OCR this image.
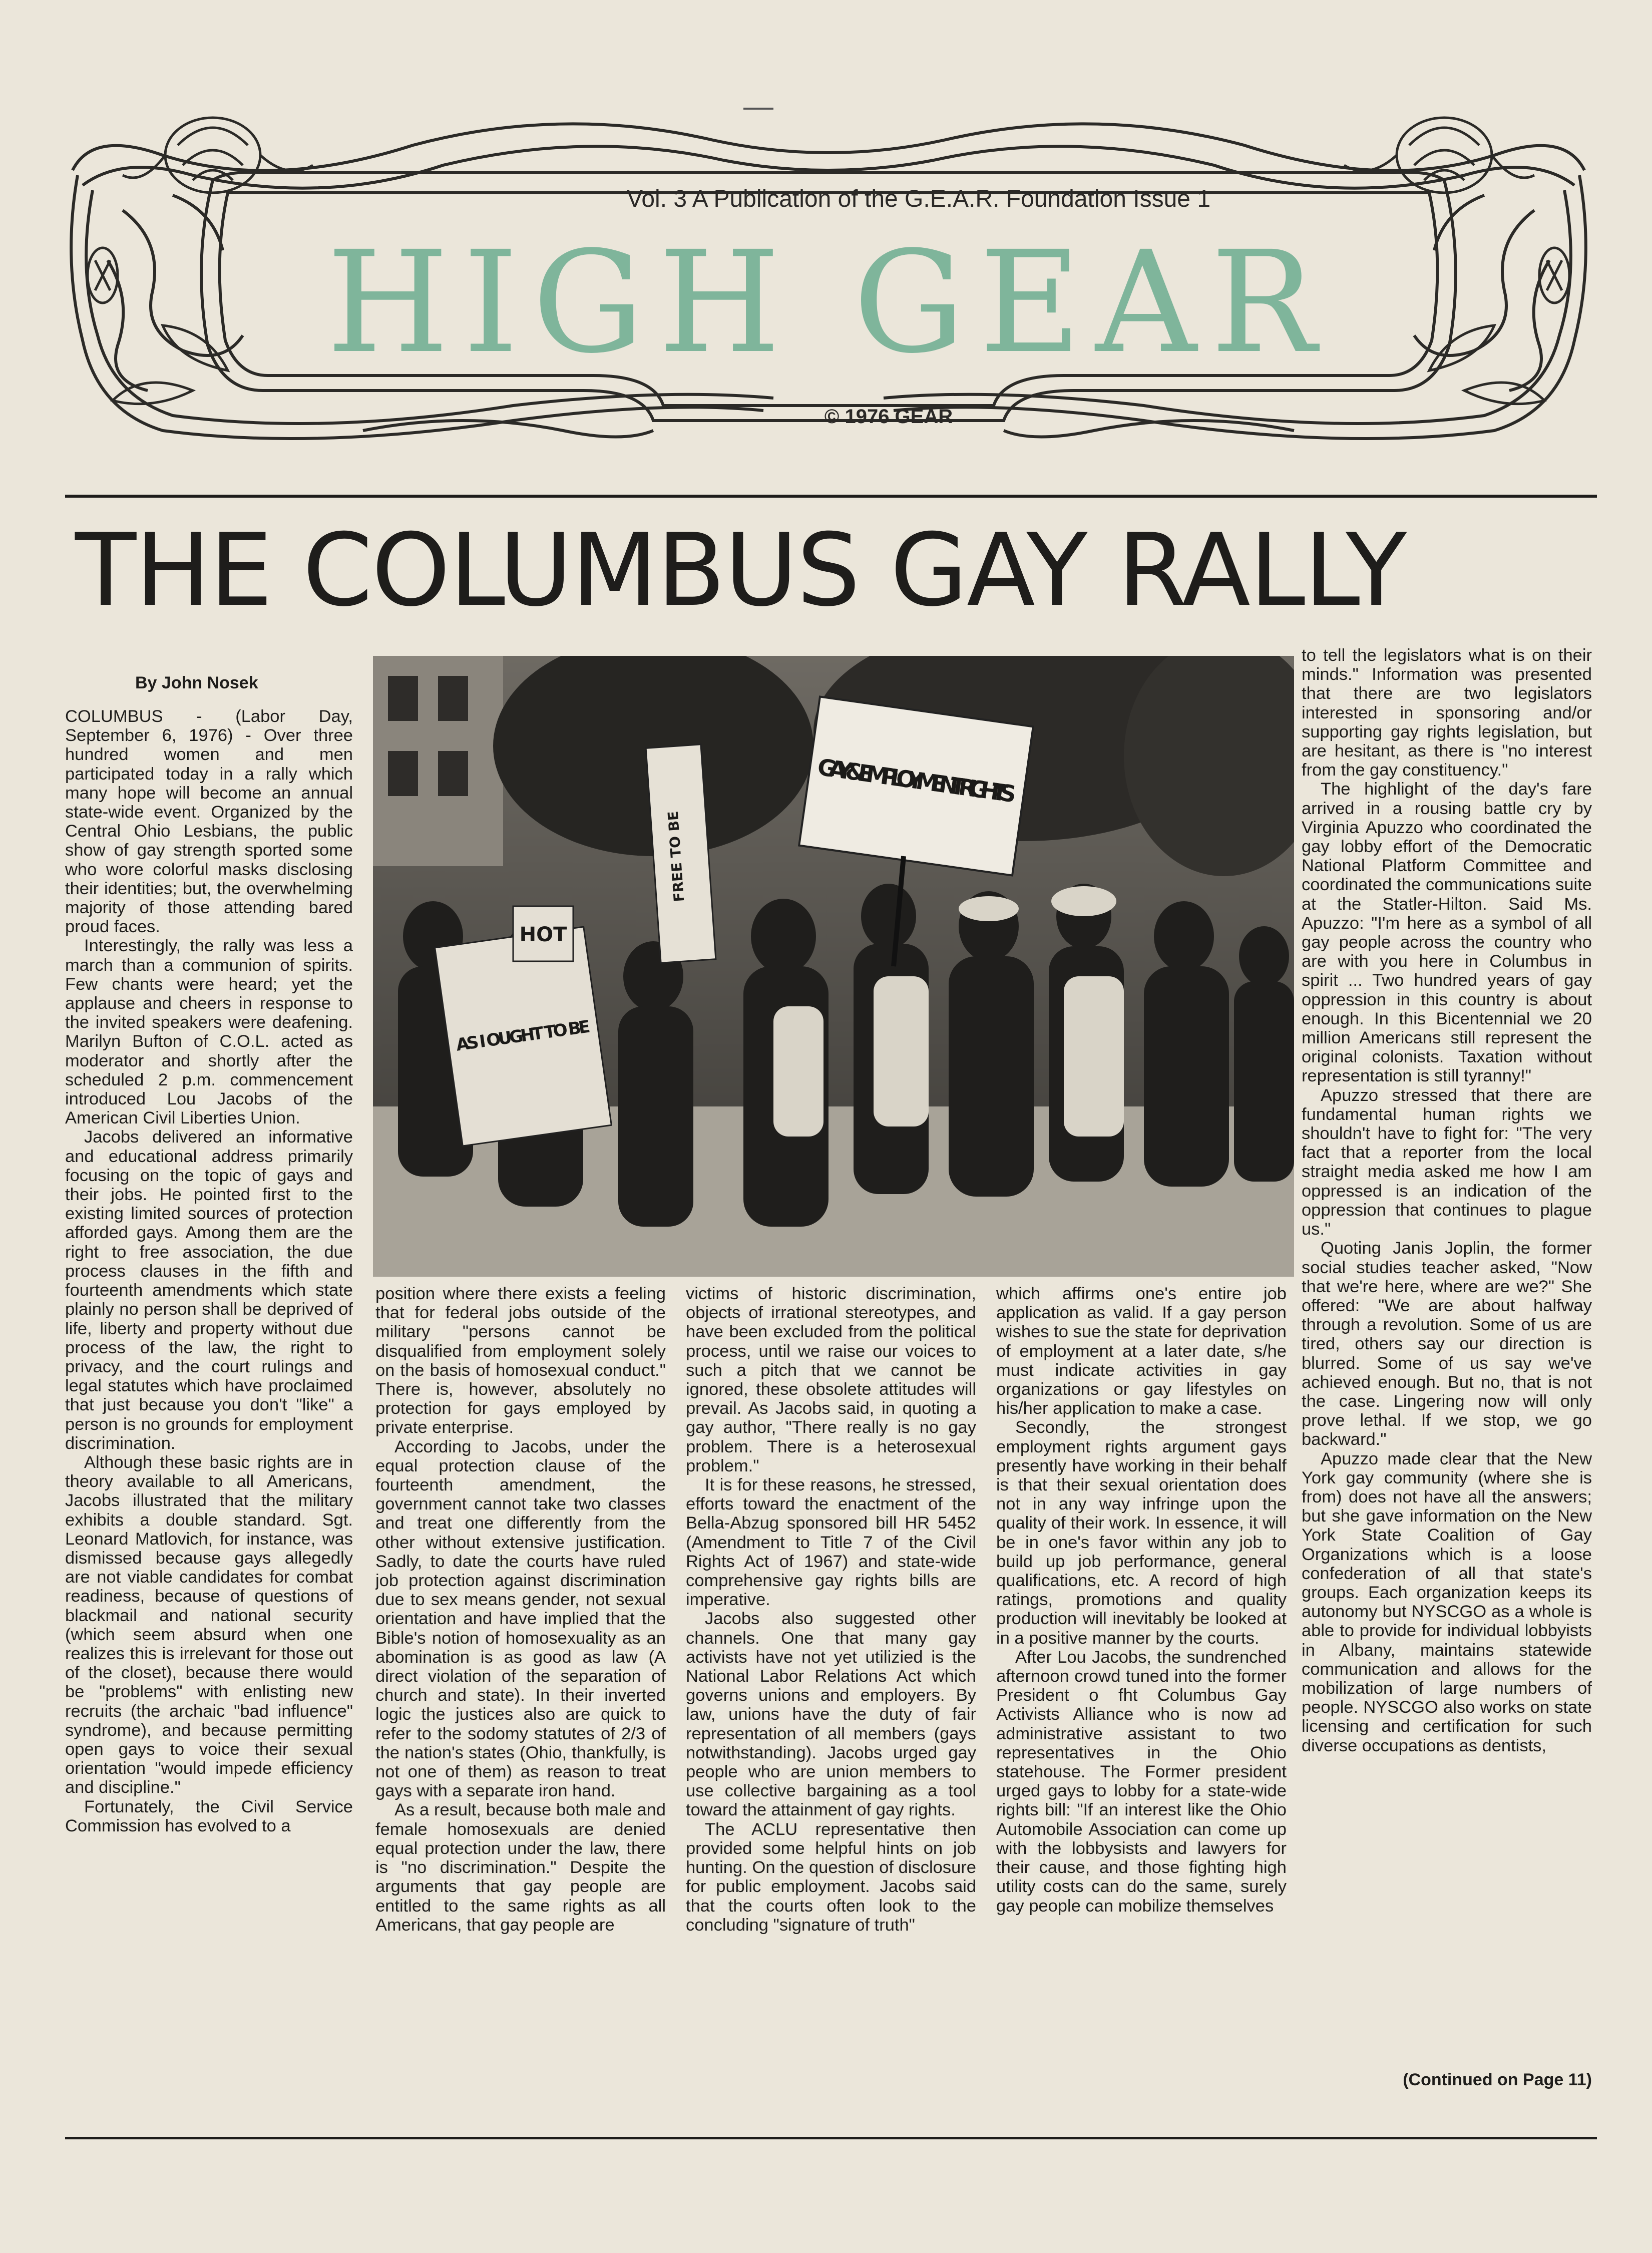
Vol. 3 A Publication of the G.E.A.R. Foundation Issue 1
HIGH GEAR
© 1976 GEAR
THE COLUMBUS GAY RALLY
By John Nosek
GAY & EMPLOYMENT RIGHTS
FREE TO BE
AS I OUGHT TO BE
HOT

COLUMBUS - (Labor Day, September 6, 1976) - Over three hundred women and men participated today in a rally which many hope will become an annual state-wide event. Organized by the Central Ohio Lesbians, the public show of gay strength sported some who wore colorful masks disclosing their identities; but, the overwhelming majority of those attending bared proud faces.

Interestingly, the rally was less a march than a communion of spirits. Few chants were heard; yet the applause and cheers in response to the invited speakers were deafening. Marilyn Bufton of C.O.L. acted as moderator and shortly after the scheduled 2 p.m. commencement introduced Lou Jacobs of the American Civil Liberties Union.

Jacobs delivered an informative and educational address primarily focusing on the topic of gays and their jobs. He pointed first to the existing limited sources of protection afforded gays. Among them are the right to free association, the due process clauses in the fifth and fourteenth amendments which state plainly no person shall be deprived of life, liberty and property without due process of the law, the right to privacy, and the court rulings and legal statutes which have proclaimed that just because you don't "like" a person is no grounds for employment discrimination.

Although these basic rights are in theory available to all Americans, Jacobs illustrated that the military exhibits a double standard. Sgt. Leonard Matlovich, for instance, was dismissed because gays allegedly are not viable candidates for combat readiness, because of questions of blackmail and national security (which seem absurd when one realizes this is irrelevant for those out of the closet), because there would be "problems" with enlisting new recruits (the archaic "bad influence" syndrome), and because permitting open gays to voice their sexual orientation "would impede efficiency and discipline."

Fortunately, the Civil Service Commission has evolved to a

position where there exists a feeling that for federal jobs outside of the military "persons cannot be disqualified from employment solely on the basis of homosexual conduct." There is, however, absolutely no protection for gays employed by private enterprise.

According to Jacobs, under the equal protection clause of the fourteenth amendment, the government cannot take two classes and treat one differently from the other without extensive justification. Sadly, to date the courts have ruled job protection against discrimination due to sex means gender, not sexual orientation and have implied that the Bible's notion of homosexuality as an abomination is as good as law (A direct violation of the separation of church and state). In their inverted logic the justices also are quick to refer to the sodomy statutes of 2/3 of the nation's states (Ohio, thankfully, is not one of them) as reason to treat gays with a separate iron hand.

As a result, because both male and female homosexuals are denied equal protection under the law, there is "no discrimination." Despite the arguments that gay people are entitled to the same rights as all Americans, that gay people are

victims of historic discrimination, objects of irrational stereotypes, and have been excluded from the political process, until we raise our voices to such a pitch that we cannot be ignored, these obsolete attitudes will prevail. As Jacobs said, in quoting a gay author, "There really is no gay problem. There is a heterosexual problem."

It is for these reasons, he stressed, efforts toward the enactment of the Bella-Abzug sponsored bill HR 5452 (Amendment to Title 7 of the Civil Rights Act of 1967) and state-wide comprehensive gay rights bills are imperative.

Jacobs also suggested other channels. One that many gay activists have not yet utilizied is the National Labor Relations Act which governs unions and employers. By law, unions have the duty of fair representation of all members (gays notwithstanding). Jacobs urged gay people who are union members to use collective bargaining as a tool toward the attainment of gay rights.

The ACLU representative then provided some helpful hints on job hunting. On the question of disclosure for public employment. Jacobs said that the courts often look to the concluding "signature of truth"

which affirms one's entire job application as valid. If a gay person wishes to sue the state for deprivation of employment at a later date, s/he must indicate activities in gay organizations or gay lifestyles on his/her application to make a case.

Secondly, the strongest employment rights argument gays presently have working in their behalf is that their sexual orientation does not in any way infringe upon the quality of their work. In essence, it will be in one's favor within any job to build up job performance, general qualifications, etc. A record of high ratings, promotions and quality production will inevitably be looked at in a positive manner by the courts.

After Lou Jacobs, the sundrenched afternoon crowd tuned into the former President o fht Columbus Gay Activists Alliance who is now ad administrative assistant to two representatives in the Ohio statehouse. The Former president urged gays to lobby for a state-wide rights bill: "If an interest like the Ohio Automobile Association can come up with the lobbysists and lawyers for their cause, and those fighting high utility costs can do the same, surely gay people can mobilize themselves

to tell the legislators what is on their minds." Information was presented that there are two legislators interested in sponsoring and/or supporting gay rights legislation, but are hesitant, as there is "no interest from the gay constituency."

The highlight of the day's fare arrived in a rousing battle cry by Virginia Apuzzo who coordinated the gay lobby effort of the Democratic National Platform Committee and coordinated the communications suite at the Statler-Hilton. Said Ms. Apuzzo: "I'm here as a symbol of all gay people across the country who are with you here in Columbus in spirit ... Two hundred years of gay oppression in this country is about enough. In this Bicentennial we 20 million Americans still represent the original colonists. Taxation without representation is still tyranny!"

Apuzzo stressed that there are fundamental human rights we shouldn't have to fight for: "The very fact that a reporter from the local straight media asked me how I am oppressed is an indication of the oppression that continues to plague us."

Quoting Janis Joplin, the former social studies teacher asked, "Now that we're here, where are we?" She offered: "We are about halfway through a revolution. Some of us are tired, others say our direction is blurred. Some of us say we've achieved enough. But no, that is not the case. Lingering now will only prove lethal. If we stop, we go backward."

Apuzzo made clear that the New York gay community (where she is from) does not have all the answers; but she gave information on the New York State Coalition of Gay Organizations which is a loose confederation of all that state's groups. Each organization keeps its autonomy but NYSCGO as a whole is able to provide for individual lobbyists in Albany, maintains statewide communication and allows for the mobilization of large numbers of people. NYSCGO also works on state licensing and certification for such diverse occupations as dentists,

(Continued on Page 11)
